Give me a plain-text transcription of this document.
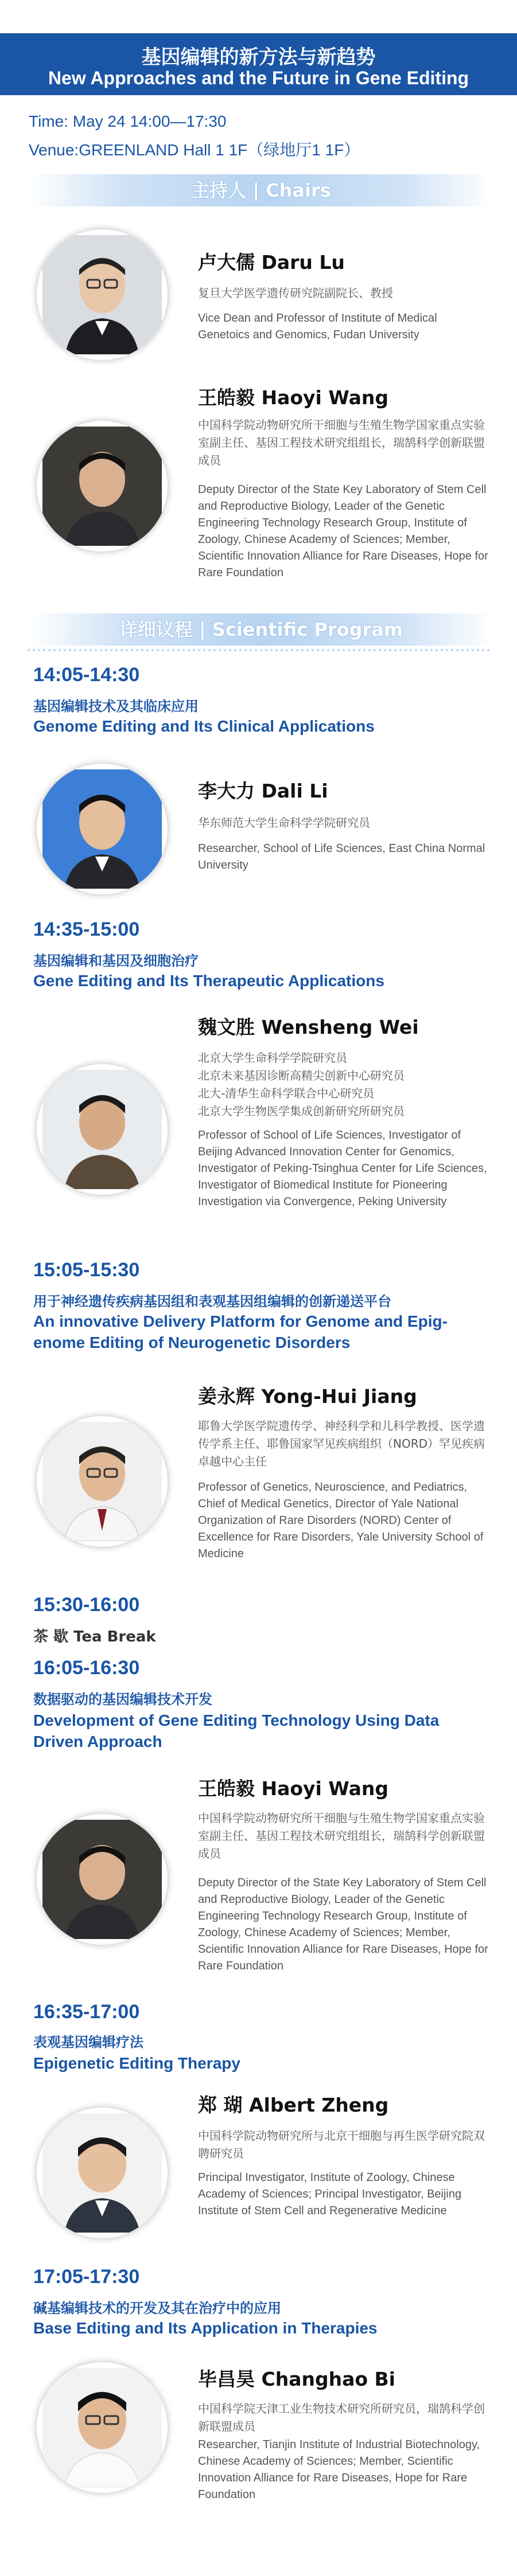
基因编辑的新方法与新趋势
New Approaches and the Future in Gene Editing
Time: May 24 14:00—17:30
Venue:GREENLAND Hall 1 1F（绿地厅1 1F）
主持人 | Chairs
卢大儒 Daru Lu
复旦大学医学遗传研究院副院长、教授
Vice Dean and Professor of Institute of Medical Genetoics and Genomics, Fudan University
王皓毅 Haoyi Wang
中国科学院动物研究所干细胞与生殖生物学国家重点实验室副主任、基因工程技术研究组组长，瑞鹄科学创新联盟成员
Deputy Director of the State Key Laboratory of Stem Cell and Reproductive Biology, Leader of the Genetic Engineering Technology Research Group, Institute of Zoology, Chinese Academy of Sciences; Member, Scientific Innovation Alliance for Rare Diseases, Hope for Rare Foundation
详细议程 | Scientific Program
14:05-14:30
基因编辑技术及其临床应用
Genome Editing and Its Clinical Applications
李大力 Dali Li
华东师范大学生命科学学院研究员
Researcher, School of Life Sciences, East China Normal University
14:35-15:00
基因编辑和基因及细胞治疗
Gene Editing and Its Therapeutic Applications
魏文胜 Wensheng Wei
北京大学生命科学学院研究员
北京未来基因诊断高精尖创新中心研究员
北大-清华生命科学联合中心研究员
北京大学生物医学集成创新研究所研究员
Professor of School of Life Sciences, Investigator of Beijing Advanced Innovation Center for Genomics, Investigator of Peking-Tsinghua Center for Life Sciences, Investigator of Biomedical Institute for Pioneering Investigation via Convergence, Peking University
15:05-15:30
用于神经遗传疾病基因组和表观基因组编辑的创新递送平台
An innovative Delivery Platform for Genome and Epig-enome Editing of Neurogenetic Disorders
姜永辉 Yong-Hui Jiang
耶鲁大学医学院遗传学、神经科学和儿科学教授、医学遗传学系主任、耶鲁国家罕见疾病组织（NORD）罕见疾病卓越中心主任
Professor of Genetics, Neuroscience, and Pediatrics, Chief of Medical Genetics, Director of Yale National Organization of Rare Disorders (NORD) Center of Excellence for Rare Disorders, Yale University School of Medicine
15:30-16:00
茶 歇 Tea Break
16:05-16:30
数据驱动的基因编辑技术开发
Development of Gene Editing Technology Using Data Driven Approach
王皓毅 Haoyi Wang
中国科学院动物研究所干细胞与生殖生物学国家重点实验室副主任、基因工程技术研究组组长，瑞鹄科学创新联盟成员
Deputy Director of the State Key Laboratory of Stem Cell and Reproductive Biology, Leader of the Genetic Engineering Technology Research Group, Institute of Zoology, Chinese Academy of Sciences; Member, Scientific Innovation Alliance for Rare Diseases, Hope for Rare Foundation
16:35-17:00
表观基因编辑疗法
Epigenetic Editing Therapy
郑 瑚 Albert Zheng
中国科学院动物研究所与北京干细胞与再生医学研究院双聘研究员
Principal Investigator, Institute of Zoology, Chinese Academy of Sciences; Principal Investigator, Beijing Institute of Stem Cell and Regenerative Medicine
17:05-17:30
碱基编辑技术的开发及其在治疗中的应用
Base Editing and Its Application in Therapies
毕昌昊 Changhao Bi
中国科学院天津工业生物技术研究所研究员，瑞鹄科学创新联盟成员
Researcher, Tianjin Institute of Industrial Biotechnology, Chinese Academy of Sciences; Member, Scientific Innovation Alliance for Rare Diseases, Hope for Rare Foundation
